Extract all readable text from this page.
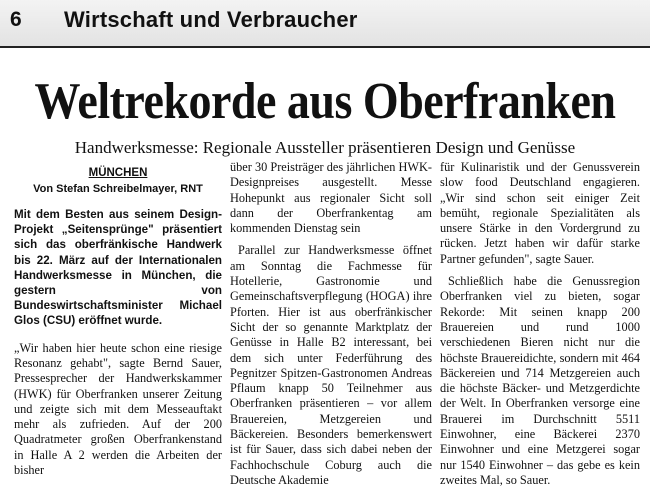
6 Wirtschaft und Verbraucher
Weltrekorde aus Oberfranken
Handwerksmesse: Regionale Aussteller präsentieren Design und Genüsse
MÜNCHEN
Von Stefan Schreibelmayer, RNT

Mit dem Besten aus seinem Design-Projekt „Seitensprünge" präsentiert sich das oberfränkische Handwerk bis 22. März auf der Internationalen Handwerksmesse in München, die gestern von Bundeswirtschaftsminister Michael Glos (CSU) eröffnet wurde.

„Wir haben hier heute schon eine riesige Resonanz gehabt", sagte Bernd Sauer, Pressesprecher der Handwerkskammer (HWK) für Oberfranken unserer Zeitung und zeigte sich mit dem Messeauftakt mehr als zufrieden. Auf der 200 Quadratmeter großen Oberfrankenstand in Halle A 2 werden die Arbeiten der bisher

über 30 Preisträger des jährlichen HWK-Designpreises ausgestellt. Messe Hohepunkt aus regionaler Sicht soll dann der Oberfrankentag am kommenden Dienstag sein

Parallel zur Handwerksmesse öffnet am Sonntag die Fachmesse für Hotellerie, Gastronomie und Gemeinschaftsverpflegung (HOGA) ihre Pforten. Hier ist aus oberfränkischer Sicht der so genannte Marktplatz der Genüsse in Halle B2 interessant, bei dem sich unter Federführung des Pegnitzer Spitzen-Gastronomen Andreas Pflaum knapp 50 Teilnehmer aus Oberfranken präsentieren – vor allem Brauereien, Metzgereien und Bäckereien. Besonders bemerkenswert ist für Sauer, dass sich dabei neben der Fachhochschule Coburg auch die Deutsche Akademie

für Kulinaristik und der Genussverein slow food Deutschland engagieren. „Wir sind schon seit einiger Zeit bemüht, regionale Spezialitäten als unsere Stärke in den Vordergrund zu rücken. Jetzt haben wir dafür starke Partner gefunden", sagte Sauer.

Schließlich habe die Genussregion Oberfranken viel zu bieten, sogar Rekorde: Mit seinen knapp 200 Brauereien und rund 1000 verschiedenen Bieren nicht nur die höchste Brauereidichte, sondern mit 464 Bäckereien und 714 Metzgereien auch die höchste Bäcker- und Metzgerdichte der Welt. In Oberfranken versorge eine Brauerei im Durchschnitt 5511 Einwohner, eine Bäckerei 2370 Einwohner und eine Metzgerei sogar nur 1540 Einwohner – das gebe es kein zweites Mal, so Sauer.
